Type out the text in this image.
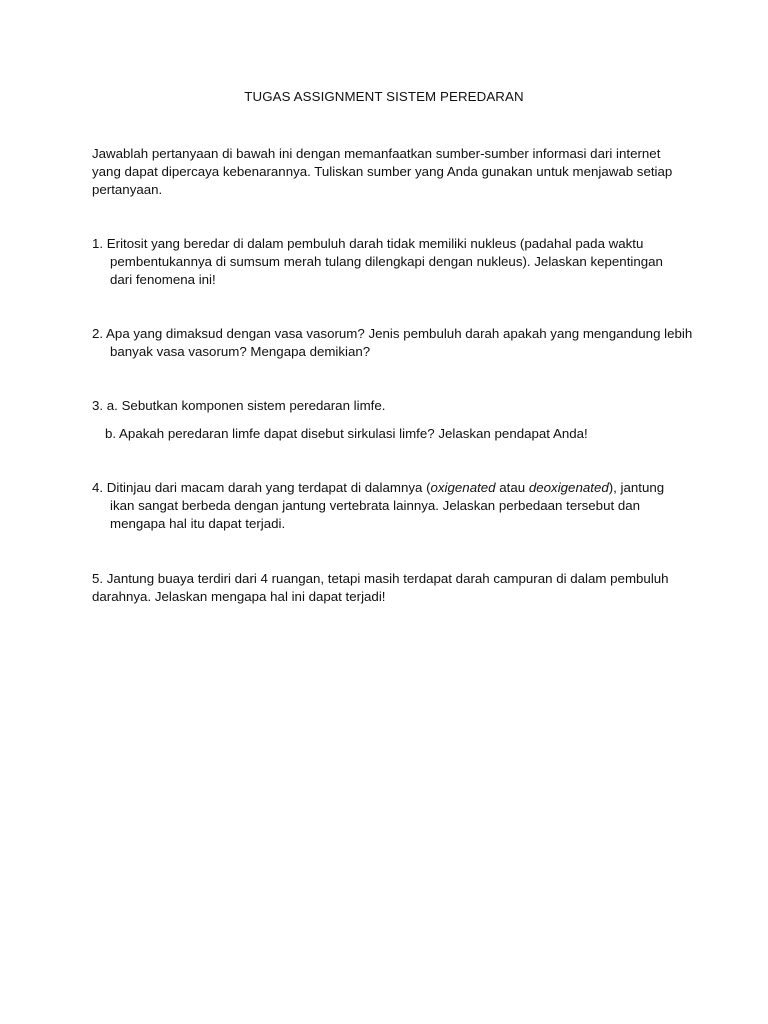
TUGAS ASSIGNMENT SISTEM PEREDARAN
Jawablah pertanyaan di bawah ini dengan memanfaatkan sumber-sumber informasi dari internet
yang dapat dipercaya kebenarannya. Tuliskan sumber yang Anda gunakan untuk menjawab setiap
pertanyaan.
1. Eritosit yang beredar di dalam pembuluh darah tidak memiliki nukleus (padahal pada waktu
pembentukannya di sumsum merah tulang dilengkapi dengan nukleus). Jelaskan kepentingan
dari fenomena ini!
2. Apa yang dimaksud dengan vasa vasorum? Jenis pembuluh darah apakah yang mengandung lebih
banyak vasa vasorum? Mengapa demikian?
3. a. Sebutkan komponen sistem peredaran limfe.
b. Apakah peredaran limfe dapat disebut sirkulasi limfe? Jelaskan pendapat Anda!
4. Ditinjau dari macam darah yang terdapat di dalamnya (oxigenated atau deoxigenated), jantung
ikan sangat berbeda dengan jantung vertebrata lainnya. Jelaskan perbedaan tersebut dan
mengapa hal itu dapat terjadi.
5. Jantung buaya terdiri dari 4 ruangan, tetapi masih terdapat darah campuran di dalam pembuluh
darahnya. Jelaskan mengapa hal ini dapat terjadi!
